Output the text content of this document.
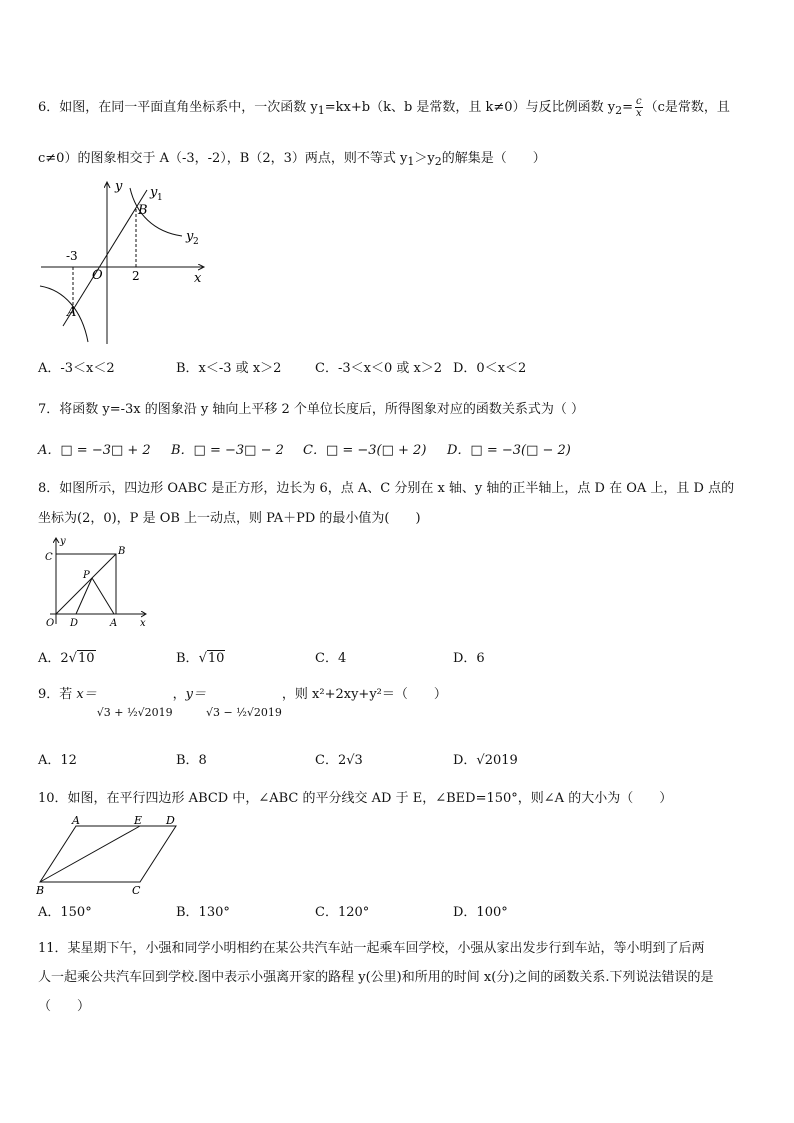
6．如图，在同一平面直角坐标系中，一次函数 $y_1=kx+b(k$、b 是常数，且 k≠0）与反比例函数 $y_2= \frac{c}{x} (c$是常数，且
c≠0）的图象相交于 A（-3，-2），B（2，3）两点，则不等式 $y_1>y_2$的解集是（　　）
y
x
O
y 1
y 2
B
A
-3
2
A．-3＜x＜2	B．x＜-3 或 x＞2	C．-3＜x＜0 或 x＞2 D．0＜x＜2
7．将函数 y=-3x 的图象沿 y 轴向上平移 2 个单位长度后，所得图象对应的函数关系式为（ ）
A．□ = −3□ + 2 B．□ = −3□ − 2 C．□ = −3(□ + 2) D．□ = −3(□ − 2)
8．如图所示，四边形 OABC 是正方形，边长为 6，点 A、C 分别在 x 轴、y 轴的正半轴上，点 D 在 OA 上，且 D 点的
坐标为(2，0)，P 是 OB 上一动点，则 PA＋PD 的最小值为(　　)
y
x
C
B
P
O D	A
A．2√10	B．√10	C．4	D．6
9．若 x＝√3 + ½√2019，y＝√3 − ½√2019，则 x²+2xy+y²＝（　　）
A．12	B．8	C．2√3	D．√2019
10．如图，在平行四边形 ABCD 中，∠ABC 的平分线交 AD 于 E，∠BED=150°，则∠A 的大小为（　　）
A	E D
B	C
A．150°	B．130°	C．120°	D．100°
11．某星期下午，小强和同学小明相约在某公共汽车站一起乘车回学校，小强从家出发步行到车站，等小明到了后两
人一起乘公共汽车回到学校.图中表示小强离开家的路程 y(公里)和所用的时间 x(分)之间的函数关系.下列说法错误的是
（　　）
